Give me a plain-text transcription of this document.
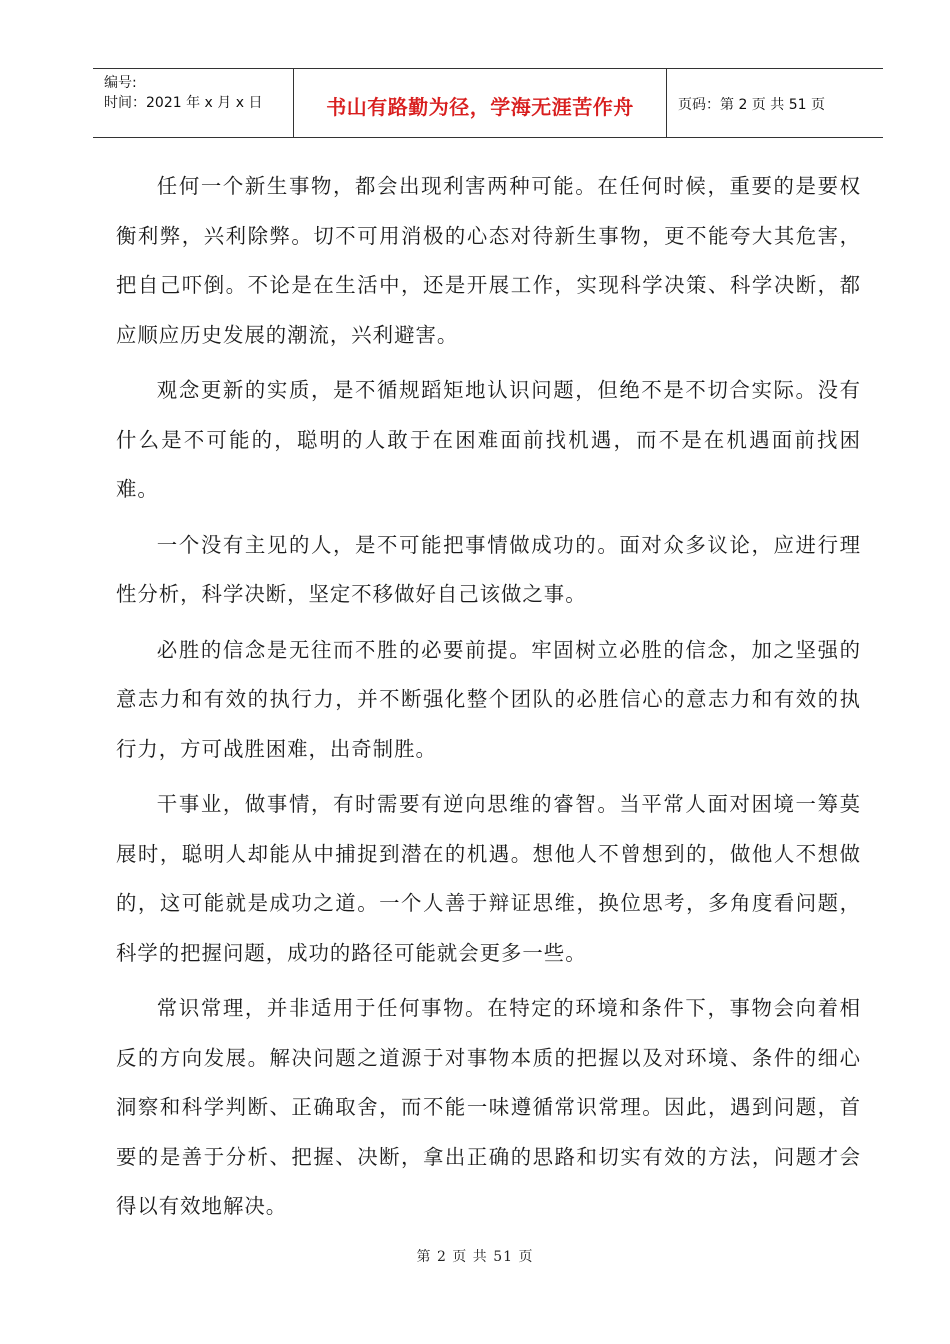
编号:
时间：2021 年 x 月 x 日	书山有路勤为径，学海无涯苦作舟	页码：第 2 页 共 51 页

任何一个新生事物，都会出现利害两种可能。在任何时候，重要的是要权衡利弊，兴利除弊。切不可用消极的心态对待新生事物，更不能夸大其危害，把自己吓倒。不论是在生活中，还是开展工作，实现科学决策、科学决断，都应顺应历史发展的潮流，兴利避害。

观念更新的实质，是不循规蹈矩地认识问题，但绝不是不切合实际。没有什么是不可能的，聪明的人敢于在困难面前找机遇，而不是在机遇面前找困难。

一个没有主见的人，是不可能把事情做成功的。面对众多议论，应进行理性分析，科学决断，坚定不移做好自己该做之事。

必胜的信念是无往而不胜的必要前提。牢固树立必胜的信念，加之坚强的意志力和有效的执行力，并不断强化整个团队的必胜信心的意志力和有效的执行力，方可战胜困难，出奇制胜。

干事业，做事情，有时需要有逆向思维的睿智。当平常人面对困境一筹莫展时，聪明人却能从中捕捉到潜在的机遇。想他人不曾想到的，做他人不想做的，这可能就是成功之道。一个人善于辩证思维，换位思考，多角度看问题，科学的把握问题，成功的路径可能就会更多一些。

常识常理，并非适用于任何事物。在特定的环境和条件下，事物会向着相反的方向发展。解决问题之道源于对事物本质的把握以及对环境、条件的细心洞察和科学判断、正确取舍，而不能一味遵循常识常理。因此，遇到问题，首要的是善于分析、把握、决断，拿出正确的思路和切实有效的方法，问题才会得以有效地解决。

第 2 页 共 51 页
